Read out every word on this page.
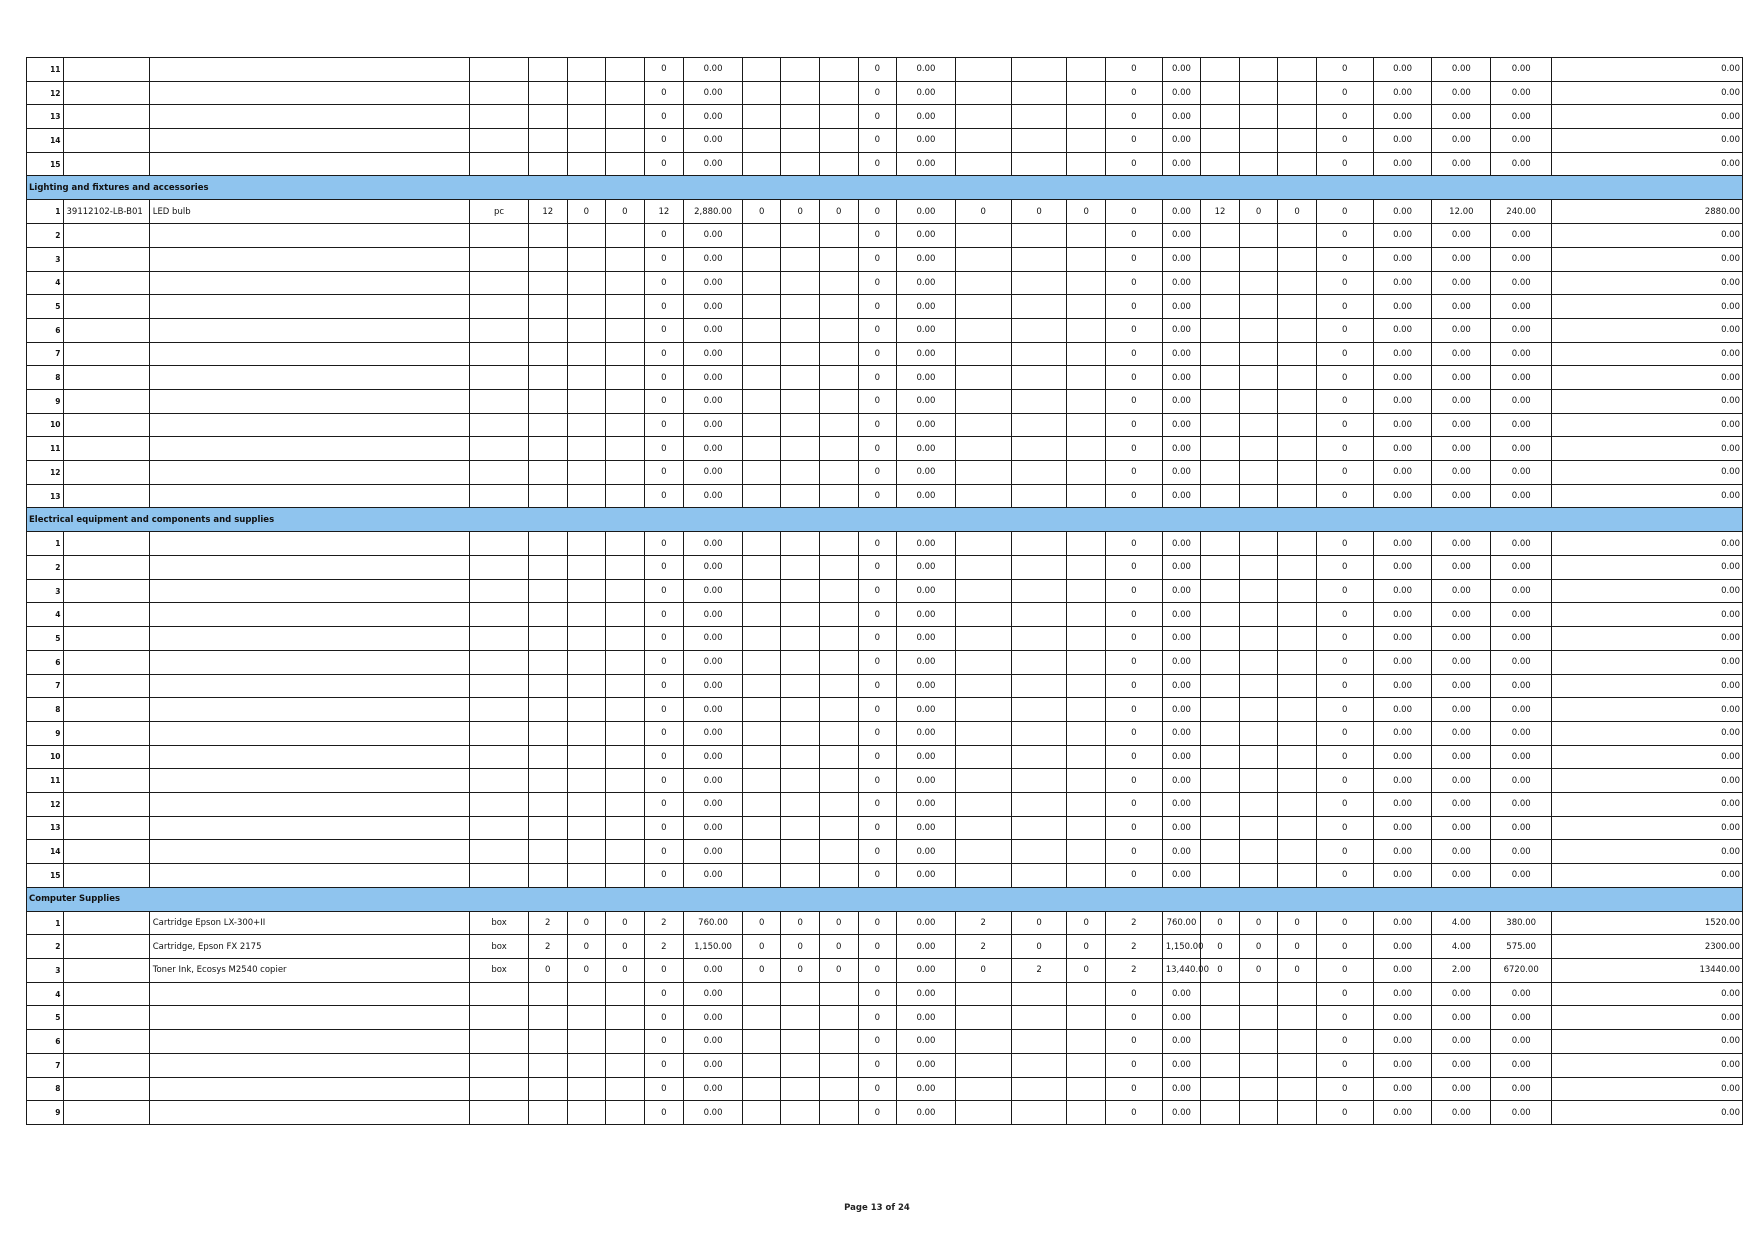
11							0	0.00				0	0.00				0	0.00				0	0.00	0.00	0.00	0.00
12							0	0.00				0	0.00				0	0.00				0	0.00	0.00	0.00	0.00
13							0	0.00				0	0.00				0	0.00				0	0.00	0.00	0.00	0.00
14							0	0.00				0	0.00				0	0.00				0	0.00	0.00	0.00	0.00
15							0	0.00				0	0.00				0	0.00				0	0.00	0.00	0.00	0.00
Lighting and fixtures and accessories																										
1	39112102-LB-B01	LED bulb	pc	12	0	0	12	2,880.00	0	0	0	0	0.00	0	0	0	0	0.00	12	0	0	0	0.00	12.00	240.00	2880.00
2							0	0.00				0	0.00				0	0.00				0	0.00	0.00	0.00	0.00
3							0	0.00				0	0.00				0	0.00				0	0.00	0.00	0.00	0.00
4							0	0.00				0	0.00				0	0.00				0	0.00	0.00	0.00	0.00
5							0	0.00				0	0.00				0	0.00				0	0.00	0.00	0.00	0.00
6							0	0.00				0	0.00				0	0.00				0	0.00	0.00	0.00	0.00
7							0	0.00				0	0.00				0	0.00				0	0.00	0.00	0.00	0.00
8							0	0.00				0	0.00				0	0.00				0	0.00	0.00	0.00	0.00
9							0	0.00				0	0.00				0	0.00				0	0.00	0.00	0.00	0.00
10							0	0.00				0	0.00				0	0.00				0	0.00	0.00	0.00	0.00
11							0	0.00				0	0.00				0	0.00				0	0.00	0.00	0.00	0.00
12							0	0.00				0	0.00				0	0.00				0	0.00	0.00	0.00	0.00
13							0	0.00				0	0.00				0	0.00				0	0.00	0.00	0.00	0.00
Electrical equipment and components and supplies																										
1							0	0.00				0	0.00				0	0.00				0	0.00	0.00	0.00	0.00
2							0	0.00				0	0.00				0	0.00				0	0.00	0.00	0.00	0.00
3							0	0.00				0	0.00				0	0.00				0	0.00	0.00	0.00	0.00
4							0	0.00				0	0.00				0	0.00				0	0.00	0.00	0.00	0.00
5							0	0.00				0	0.00				0	0.00				0	0.00	0.00	0.00	0.00
6							0	0.00				0	0.00				0	0.00				0	0.00	0.00	0.00	0.00
7							0	0.00				0	0.00				0	0.00				0	0.00	0.00	0.00	0.00
8							0	0.00				0	0.00				0	0.00				0	0.00	0.00	0.00	0.00
9							0	0.00				0	0.00				0	0.00				0	0.00	0.00	0.00	0.00
10							0	0.00				0	0.00				0	0.00				0	0.00	0.00	0.00	0.00
11							0	0.00				0	0.00				0	0.00				0	0.00	0.00	0.00	0.00
12							0	0.00				0	0.00				0	0.00				0	0.00	0.00	0.00	0.00
13							0	0.00				0	0.00				0	0.00				0	0.00	0.00	0.00	0.00
14							0	0.00				0	0.00				0	0.00				0	0.00	0.00	0.00	0.00
15							0	0.00				0	0.00				0	0.00				0	0.00	0.00	0.00	0.00
Computer Supplies																										
1		Cartridge Epson LX-300+II	box	2	0	0	2	760.00	0	0	0	0	0.00	2	0	0	2	760.00	0	0	0	0	0.00	4.00	380.00	1520.00
2		Cartridge, Epson FX 2175	box	2	0	0	2	1,150.00	0	0	0	0	0.00	2	0	0	2	1,150.00	0	0	0	0	0.00	4.00	575.00	2300.00
3		Toner Ink, Ecosys M2540 copier	box	0	0	0	0	0.00	0	0	0	0	0.00	0	2	0	2	13,440.00	0	0	0	0	0.00	2.00	6720.00	13440.00
4							0	0.00				0	0.00				0	0.00				0	0.00	0.00	0.00	0.00
5							0	0.00				0	0.00				0	0.00				0	0.00	0.00	0.00	0.00
6							0	0.00				0	0.00				0	0.00				0	0.00	0.00	0.00	0.00
7							0	0.00				0	0.00				0	0.00				0	0.00	0.00	0.00	0.00
8							0	0.00				0	0.00				0	0.00				0	0.00	0.00	0.00	0.00
9							0	0.00				0	0.00				0	0.00				0	0.00	0.00	0.00	0.00
Page 13 of 24
